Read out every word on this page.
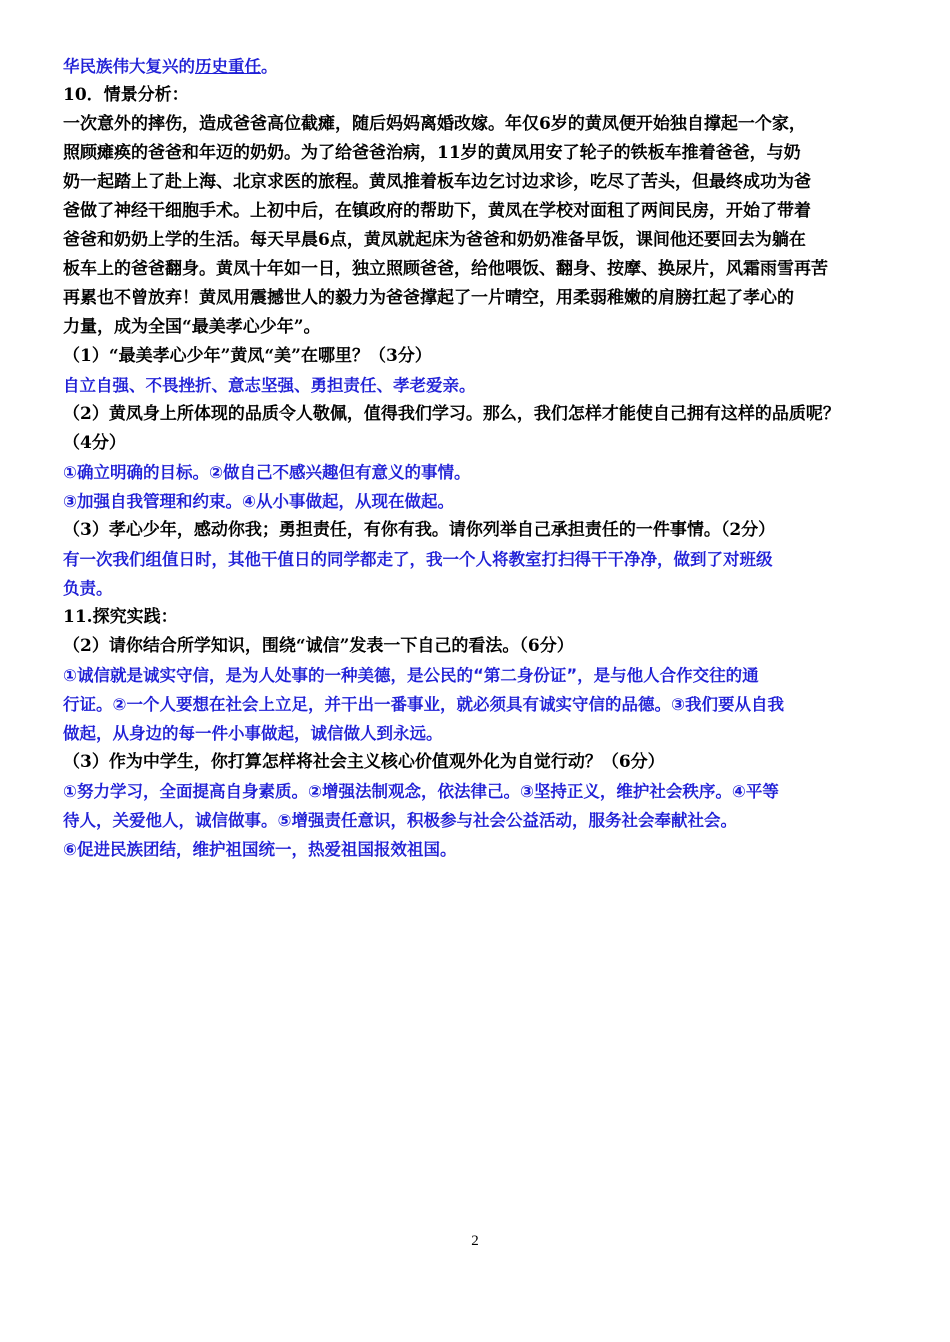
华民族伟大复兴的历史重任。

10．情景分析：

一次意外的摔伤，造成爸爸高位截瘫，随后妈妈离婚改嫁。年仅6岁的黄凤便开始独自撑起一个家，

照顾瘫痪的爸爸和年迈的奶奶。为了给爸爸治病，11岁的黄凤用安了轮子的铁板车推着爸爸，与奶

奶一起踏上了赴上海、北京求医的旅程。黄凤推着板车边乞讨边求诊，吃尽了苦头，但最终成功为爸

爸做了神经干细胞手术。上初中后，在镇政府的帮助下，黄凤在学校对面租了两间民房，开始了带着

爸爸和奶奶上学的生活。每天早晨6点，黄凤就起床为爸爸和奶奶准备早饭，课间他还要回去为躺在

板车上的爸爸翻身。黄凤十年如一日，独立照顾爸爸，给他喂饭、翻身、按摩、换尿片，风霜雨雪再苦

再累也不曾放弃！黄凤用震撼世人的毅力为爸爸撑起了一片晴空，用柔弱稚嫩的肩膀扛起了孝心的

力量，成为全国“最美孝心少年”。

（1）“最美孝心少年”黄凤“美”在哪里？（3分）

自立自强、不畏挫折、意志坚强、勇担责任、孝老爱亲。

（2）黄凤身上所体现的品质令人敬佩，值得我们学习。那么，我们怎样才能使自己拥有这样的品质呢？

（4分）

①确立明确的目标。②做自己不感兴趣但有意义的事情。

③加强自我管理和约束。④从小事做起，从现在做起。

（3）孝心少年，感动你我；勇担责任，有你有我。请你列举自己承担责任的一件事情。（2分）

有一次我们组值日时，其他干值日的同学都走了，我一个人将教室打扫得干干净净，做到了对班级

负责。

11.探究实践：

（2）请你结合所学知识，围绕“诚信”发表一下自己的看法。（6分）

①诚信就是诚实守信，是为人处事的一种美德，是公民的“第二身份证”，是与他人合作交往的通

行证。②一个人要想在社会上立足，并干出一番事业，就必须具有诚实守信的品德。③我们要从自我

做起，从身边的每一件小事做起，诚信做人到永远。

（3）作为中学生，你打算怎样将社会主义核心价值观外化为自觉行动？（6分）

①努力学习，全面提高自身素质。②增强法制观念，依法律己。③坚持正义，维护社会秩序。④平等

待人，关爱他人，诚信做事。⑤增强责任意识，积极参与社会公益活动，服务社会奉献社会。

⑥促进民族团结，维护祖国统一，热爱祖国报效祖国。

2
